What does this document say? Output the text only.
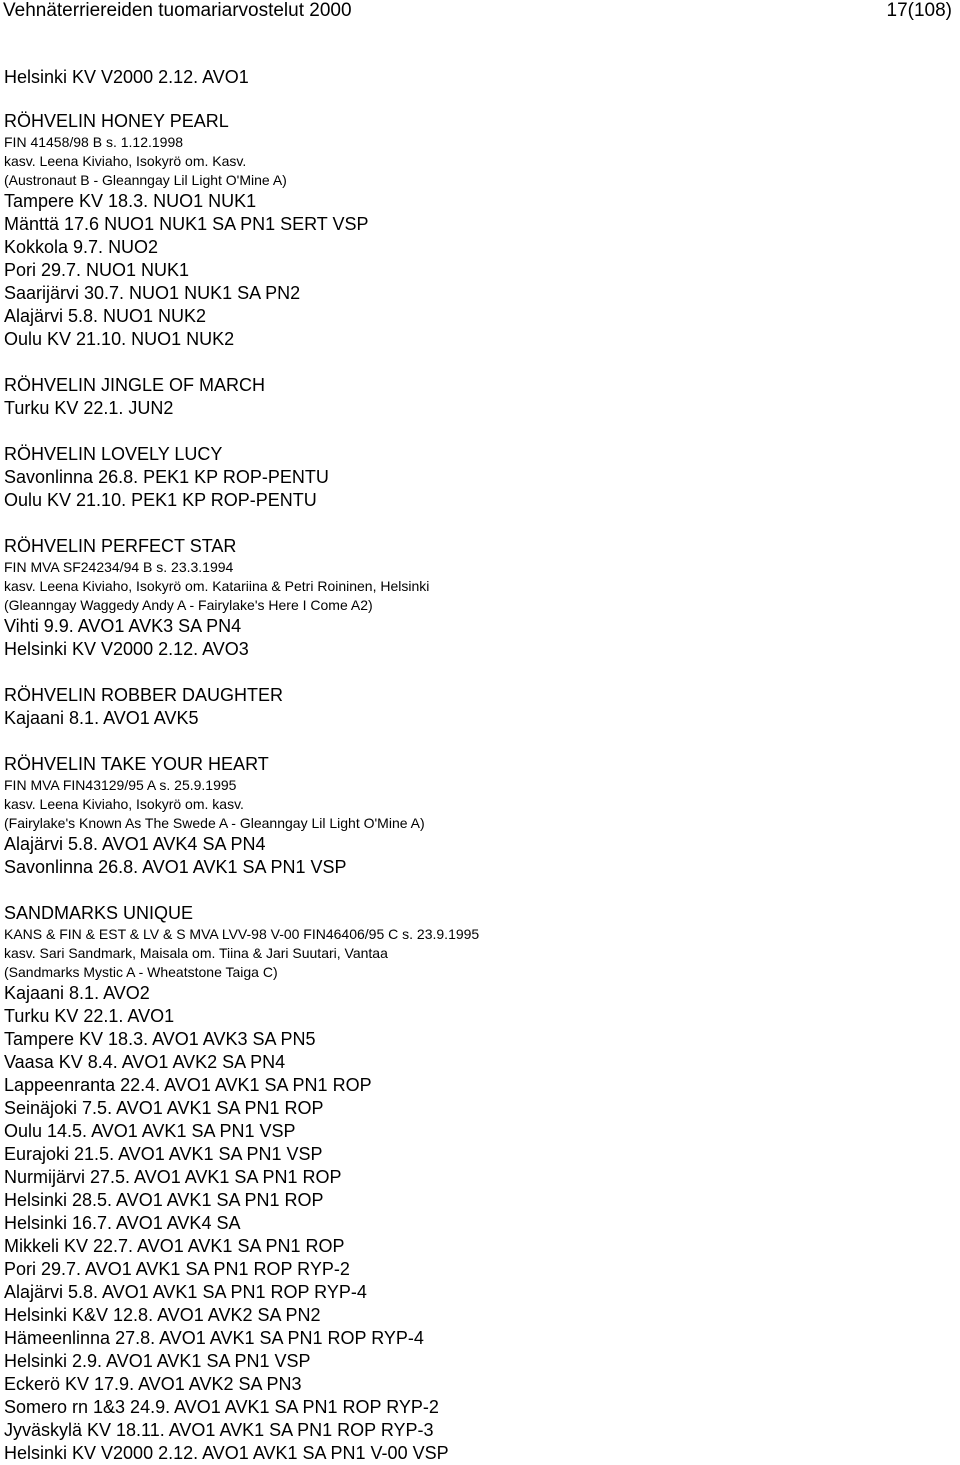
Vehnäterriereiden tuomariarvostelut 2000	17(108)
Helsinki KV V2000 2.12. AVO1
RÖHVELIN HONEY PEARL
FIN 41458/98 B s. 1.12.1998
kasv. Leena Kiviaho, Isokyrö om. Kasv.
(Austronaut B - Gleanngay Lil Light O'Mine A)
Tampere KV 18.3. NUO1 NUK1
Mänttä 17.6 NUO1 NUK1 SA PN1 SERT VSP
Kokkola 9.7. NUO2
Pori 29.7. NUO1 NUK1
Saarijärvi 30.7. NUO1 NUK1 SA PN2
Alajärvi 5.8. NUO1 NUK2
Oulu KV 21.10. NUO1 NUK2
RÖHVELIN JINGLE OF MARCH
Turku KV 22.1. JUN2
RÖHVELIN LOVELY LUCY
Savonlinna 26.8. PEK1 KP ROP-PENTU
Oulu KV 21.10. PEK1 KP ROP-PENTU
RÖHVELIN PERFECT STAR
FIN MVA SF24234/94 B s. 23.3.1994
kasv. Leena Kiviaho, Isokyrö om. Katariina & Petri Roininen, Helsinki
(Gleanngay Waggedy Andy A - Fairylake's Here I Come A2)
Vihti 9.9. AVO1 AVK3 SA PN4
Helsinki KV V2000 2.12. AVO3
RÖHVELIN ROBBER DAUGHTER
Kajaani 8.1. AVO1 AVK5
RÖHVELIN TAKE YOUR HEART
FIN MVA FIN43129/95 A s. 25.9.1995
kasv. Leena Kiviaho, Isokyrö om. kasv.
(Fairylake's Known As The Swede A - Gleanngay Lil Light O'Mine A)
Alajärvi 5.8. AVO1 AVK4 SA PN4
Savonlinna 26.8. AVO1 AVK1 SA PN1 VSP
SANDMARKS UNIQUE
KANS & FIN & EST & LV & S MVA LVV-98 V-00 FIN46406/95 C s. 23.9.1995
kasv. Sari Sandmark, Maisala om. Tiina & Jari Suutari, Vantaa
(Sandmarks Mystic A - Wheatstone Taiga C)
Kajaani 8.1. AVO2
Turku KV 22.1. AVO1
Tampere KV 18.3. AVO1 AVK3 SA PN5
Vaasa KV 8.4. AVO1 AVK2 SA PN4
Lappeenranta 22.4. AVO1 AVK1 SA PN1 ROP
Seinäjoki 7.5. AVO1 AVK1 SA PN1 ROP
Oulu 14.5. AVO1 AVK1 SA PN1 VSP
Eurajoki 21.5. AVO1 AVK1 SA PN1 VSP
Nurmijärvi 27.5. AVO1 AVK1 SA PN1 ROP
Helsinki 28.5. AVO1 AVK1 SA PN1 ROP
Helsinki 16.7. AVO1 AVK4 SA
Mikkeli KV 22.7. AVO1 AVK1 SA PN1 ROP
Pori 29.7. AVO1 AVK1 SA PN1 ROP RYP-2
Alajärvi 5.8. AVO1 AVK1 SA PN1 ROP RYP-4
Helsinki K&V 12.8. AVO1 AVK2 SA PN2
Hämeenlinna 27.8. AVO1 AVK1 SA PN1 ROP RYP-4
Helsinki 2.9. AVO1 AVK1 SA PN1 VSP
Eckerö KV 17.9. AVO1 AVK2 SA PN3
Somero rn 1&3 24.9. AVO1 AVK1 SA PN1 ROP RYP-2
Jyväskylä KV 18.11. AVO1 AVK1 SA PN1 ROP RYP-3
Helsinki KV V2000 2.12. AVO1 AVK1 SA PN1 V-00 VSP
